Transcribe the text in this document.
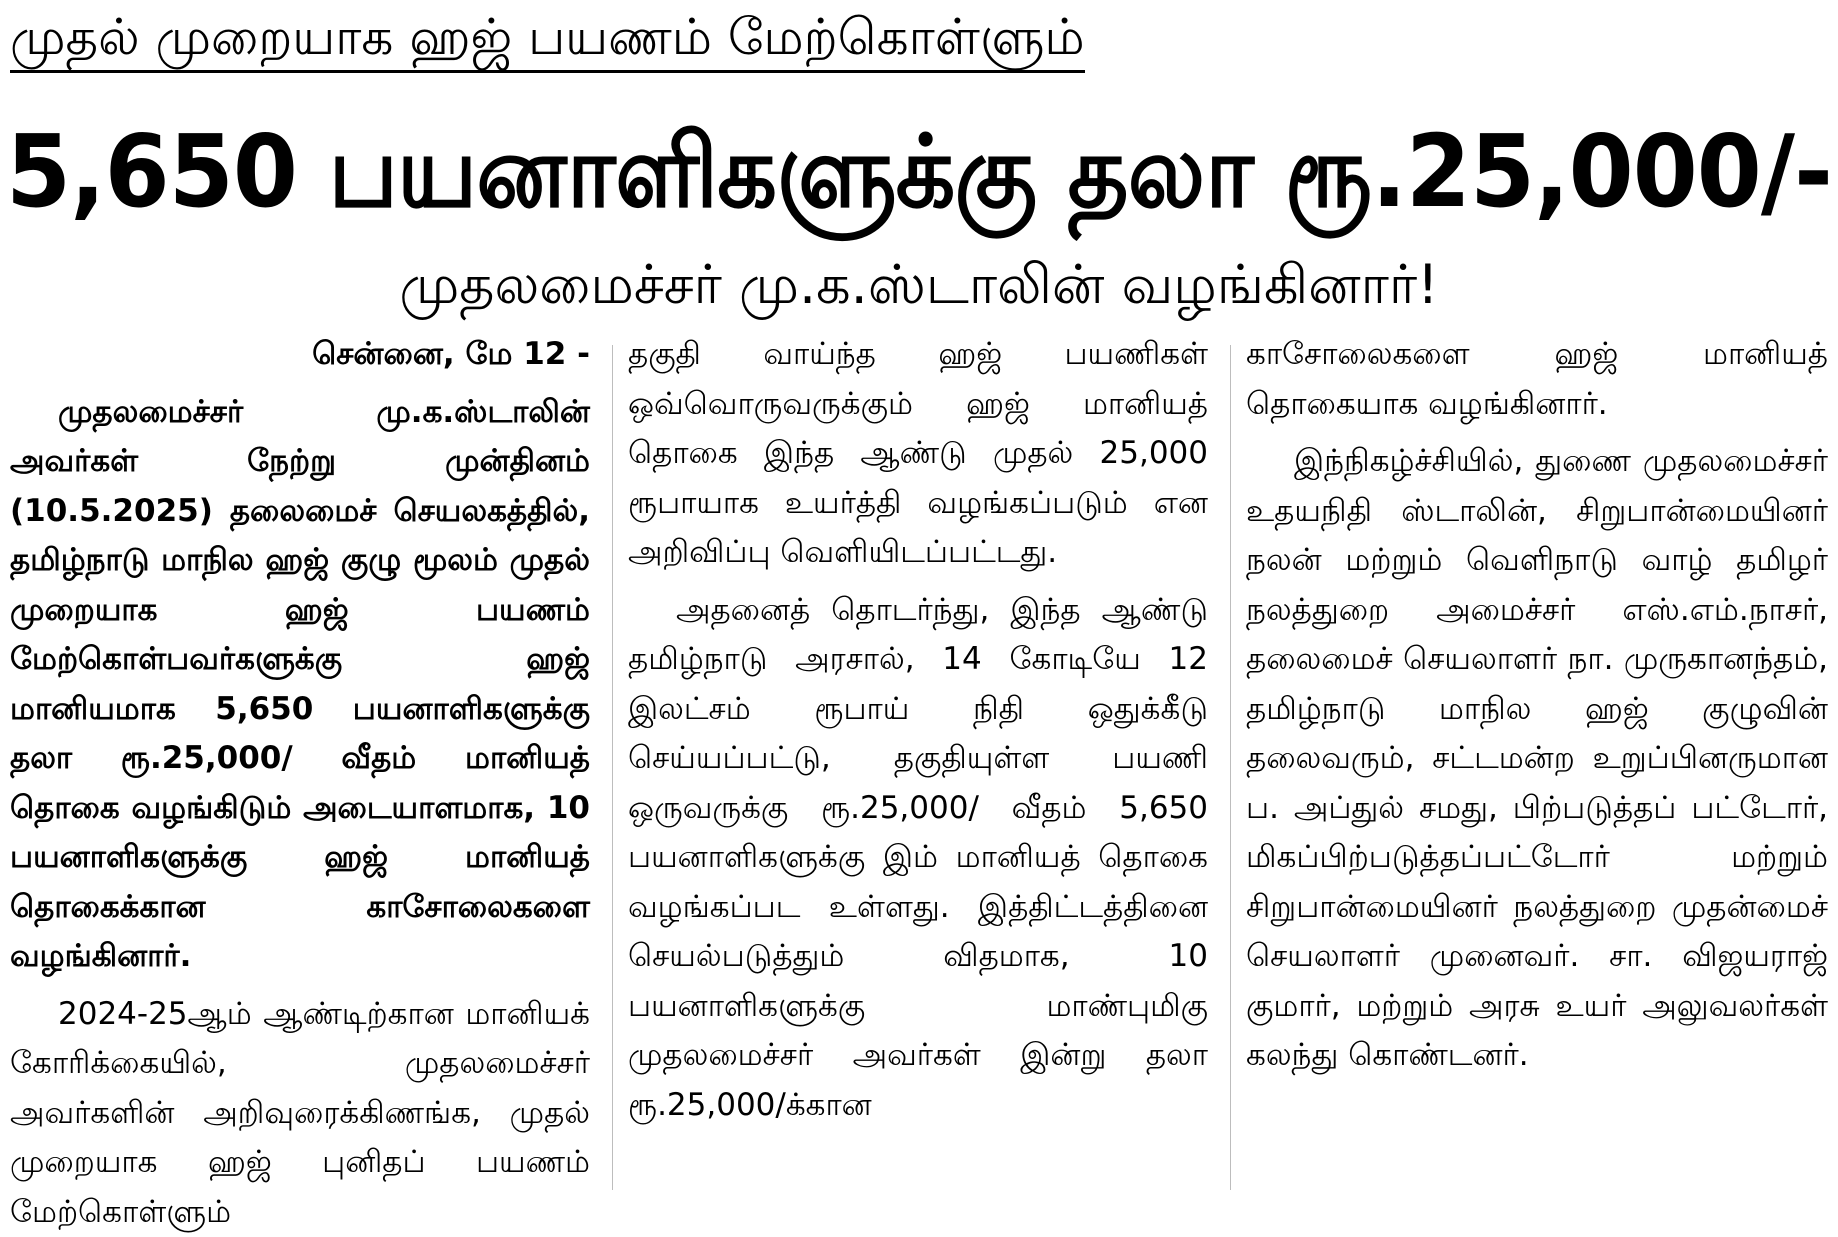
முதல் முறையாக ஹஜ் பயணம் மேற்கொள்ளும்
5,650 பயனாளிகளுக்கு தலா ரூ.25,000/-
முதலமைச்சர் மு.க.ஸ்டாலின் வழங்கினார்!

சென்னை, மே 12 -

முதலமைச்சர் மு.க.ஸ்டாலின் அவர்கள் நேற்று முன்தினம் (10.5.2025) தலைமைச் செயலகத்தில், தமிழ்நாடு மாநில ஹஜ் குழு மூலம் முதல் முறையாக ஹஜ் பயணம் மேற்கொள்பவர்களுக்கு ஹஜ் மானியமாக 5,650 பயனாளிகளுக்கு தலா ரூ.25,000/ வீதம் மானியத் தொகை வழங்கிடும் அடையாளமாக, 10 பயனாளிகளுக்கு ஹஜ் மானியத் தொகைக்கான காசோலைகளை வழங்கினார்.

2024-25ஆம் ஆண்டிற்கான மானியக் கோரிக்கையில், முதலமைச்சர் அவர்களின் அறிவுரைக்கிணங்க, முதல் முறையாக ஹஜ் புனிதப் பயணம் மேற்கொள்ளும்

தகுதி வாய்ந்த ஹஜ் பயணிகள் ஒவ்வொருவருக்கும் ஹஜ் மானியத் தொகை இந்த ஆண்டு முதல் 25,000 ரூபாயாக உயர்த்தி வழங்கப்படும் என அறிவிப்பு வெளியிடப்பட்டது.

அதனைத் தொடர்ந்து, இந்த ஆண்டு தமிழ்நாடு அரசால், 14 கோடியே 12 இலட்சம் ரூபாய் நிதி ஒதுக்கீடு செய்யப்பட்டு, தகுதியுள்ள பயணி ஒருவருக்கு ரூ.25,000/ வீதம் 5,650 பயனாளிகளுக்கு இம் மானியத் தொகை வழங்கப்பட உள்ளது. இத்திட்டத்தினை செயல்படுத்தும் விதமாக, 10 பயனாளிகளுக்கு மாண்புமிகு முதலமைச்சர் அவர்கள் இன்று தலா ரூ.25,000/க்கான

காசோலைகளை ஹஜ் மானியத் தொகையாக வழங்கினார்.

இந்நிகழ்ச்சியில், துணை முதலமைச்சர் உதயநிதி ஸ்டாலின், சிறுபான்மையினர் நலன் மற்றும் வெளிநாடு வாழ் தமிழர் நலத்துறை அமைச்சர் எஸ்.எம்.நாசர், தலைமைச் செயலாளர் நா. முருகானந்தம், தமிழ்நாடு மாநில ஹஜ் குழுவின் தலைவரும், சட்டமன்ற உறுப்பினருமான ப. அப்துல் சமது, பிற்படுத்தப் பட்டோர், மிகப்பிற்படுத்தப்பட்டோர் மற்றும் சிறுபான்மையினர் நலத்துறை முதன்மைச் செயலாளர் முனைவர். சா. விஜயராஜ் குமார், மற்றும் அரசு உயர் அலுவலர்கள் கலந்து கொண்டனர்.
